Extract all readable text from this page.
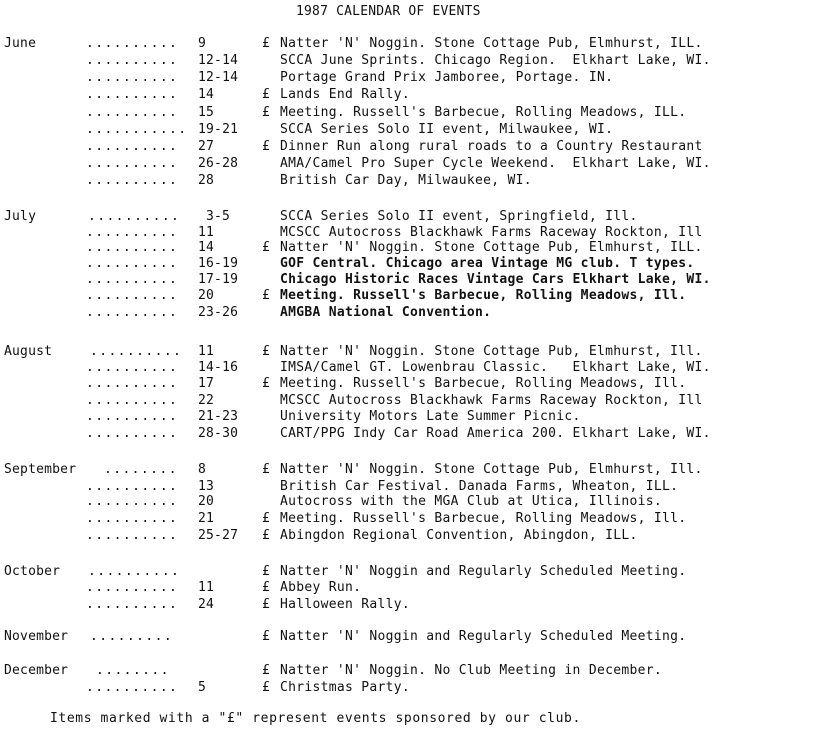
1987 CALENDAR OF EVENTS
June	.......... 9	£ Natter 'N' Noggin. Stone Cottage Pub, Elmhurst, ILL.
.......... 12-14	SCCA June Sprints. Chicago Region.  Elkhart Lake, WI.
.......... 12-14	Portage Grand Prix Jamboree, Portage. IN.
.......... 14	£ Lands End Rally.
.......... 15	£ Meeting. Russell's Barbecue, Rolling Meadows, ILL.
........... 19-21	SCCA Series Solo II event, Milwaukee, WI.
.......... 27	£ Dinner Run along rural roads to a Country Restaurant
.......... 26-28	AMA/Camel Pro Super Cycle Weekend.  Elkhart Lake, WI.
.......... 28	British Car Day, Milwaukee, WI.
July	.......... 3-5	SCCA Series Solo II event, Springfield, Ill.
.......... 11	MCSCC Autocross Blackhawk Farms Raceway Rockton, Ill
.......... 14	£ Natter 'N' Noggin. Stone Cottage Pub, Elmhurst, ILL.
.......... 16-19	GOF Central. Chicago area Vintage MG club. T types.
.......... 17-19	Chicago Historic Races Vintage Cars Elkhart Lake, WI.
.......... 20	£ Meeting. Russell's Barbecue, Rolling Meadows, Ill.
.......... 23-26	AMGBA National Convention.
August	.......... 11	£ Natter 'N' Noggin. Stone Cottage Pub, Elmhurst, Ill.
.......... 14-16	IMSA/Camel GT. Lowenbrau Classic.   Elkhart Lake, WI.
.......... 17	£ Meeting. Russell's Barbecue, Rolling Meadows, Ill.
.......... 22	MCSCC Autocross Blackhawk Farms Raceway Rockton, Ill
.......... 21-23	University Motors Late Summer Picnic.
.......... 28-30	CART/PPG Indy Car Road America 200. Elkhart Lake, WI.
September ........ 8	£ Natter 'N' Noggin. Stone Cottage Pub, Elmhurst, Ill.
.......... 13	British Car Festival. Danada Farms, Wheaton, ILL.
.......... 20	Autocross with the MGA Club at Utica, Illinois.
.......... 21	£ Meeting. Russell's Barbecue, Rolling Meadows, Ill.
.......... 25-27 £ Abingdon Regional Convention, Abingdon, ILL.
October ..........	£ Natter 'N' Noggin and Regularly Scheduled Meeting.
.......... 11	£ Abbey Run.
.......... 24	£ Halloween Rally.
November .........	£ Natter 'N' Noggin and Regularly Scheduled Meeting.
December ........	£ Natter 'N' Noggin. No Club Meeting in December.
.......... 5	£ Christmas Party.
Items marked with a "£" represent events sponsored by our club.
